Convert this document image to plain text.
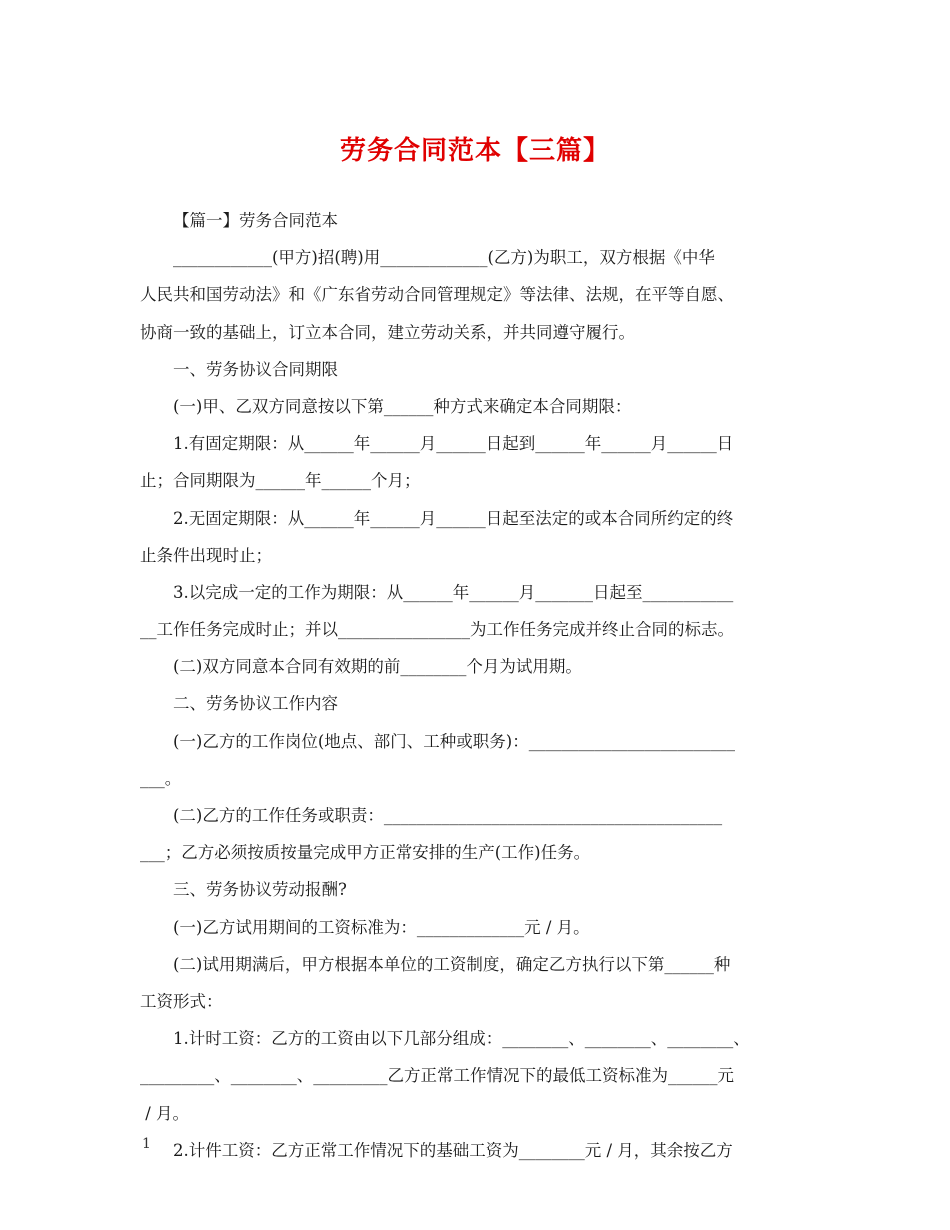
劳务合同范本【三篇】
【篇一】劳务合同范本
____________(甲方)招(聘)用_____________(乙方)为职工，双方根据《中华
人民共和国劳动法》和《广东省劳动合同管理规定》等法律、法规，在平等自愿、
协商一致的基础上，订立本合同，建立劳动关系，并共同遵守履行。
一、劳务协议合同期限
(一)甲、乙双方同意按以下第______种方式来确定本合同期限：
1.有固定期限：从______年______月______日起到______年______月______日
止；合同期限为______年______个月；
2.无固定期限：从______年______月______日起至法定的或本合同所约定的终
止条件出现时止；
3.以完成一定的工作为期限：从______年______月_______日起至___________
__工作任务完成时止；并以________________为工作任务完成并终止合同的标志。
(二)双方同意本合同有效期的前________个月为试用期。
二、劳务协议工作内容
(一)乙方的工作岗位(地点、部门、工种或职务)：_________________________
___。
(二)乙方的工作任务或职责：_________________________________________
___；乙方必须按质按量完成甲方正常安排的生产(工作)任务。
三、劳务协议劳动报酬?
(一)乙方试用期间的工资标准为：_____________元 / 月。
(二)试用期满后，甲方根据本单位的工资制度，确定乙方执行以下第______种
工资形式：
1.计时工资：乙方的工资由以下几部分组成：________、________、________、
_________、________、_________乙方正常工作情况下的最低工资标准为______元
/ 月。
2.计件工资：乙方正常工作情况下的基础工资为________元 / 月，其余按乙方
1
